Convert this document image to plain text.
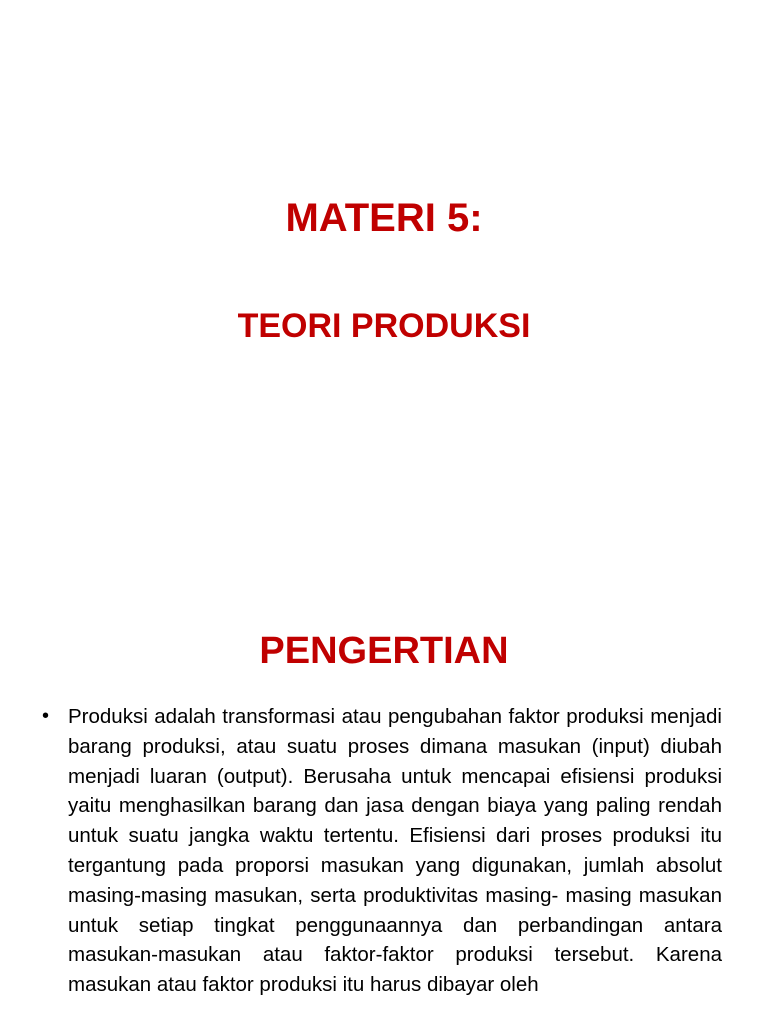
MATERI 5:
TEORI PRODUKSI
PENGERTIAN
• Produksi adalah transformasi atau pengubahan faktor produksi menjadi barang produksi, atau suatu proses dimana masukan (input) diubah menjadi luaran (output). Berusaha untuk mencapai efisiensi produksi yaitu menghasilkan barang dan jasa dengan biaya yang paling rendah untuk suatu jangka waktu tertentu. Efisiensi dari proses produksi itu tergantung pada proporsi masukan yang digunakan, jumlah absolut masing-masing masukan, serta produktivitas masing- masing masukan untuk setiap tingkat penggunaannya dan perbandingan antara masukan-masukan atau faktor-faktor produksi tersebut. Karena masukan atau faktor produksi itu harus dibayar oleh
